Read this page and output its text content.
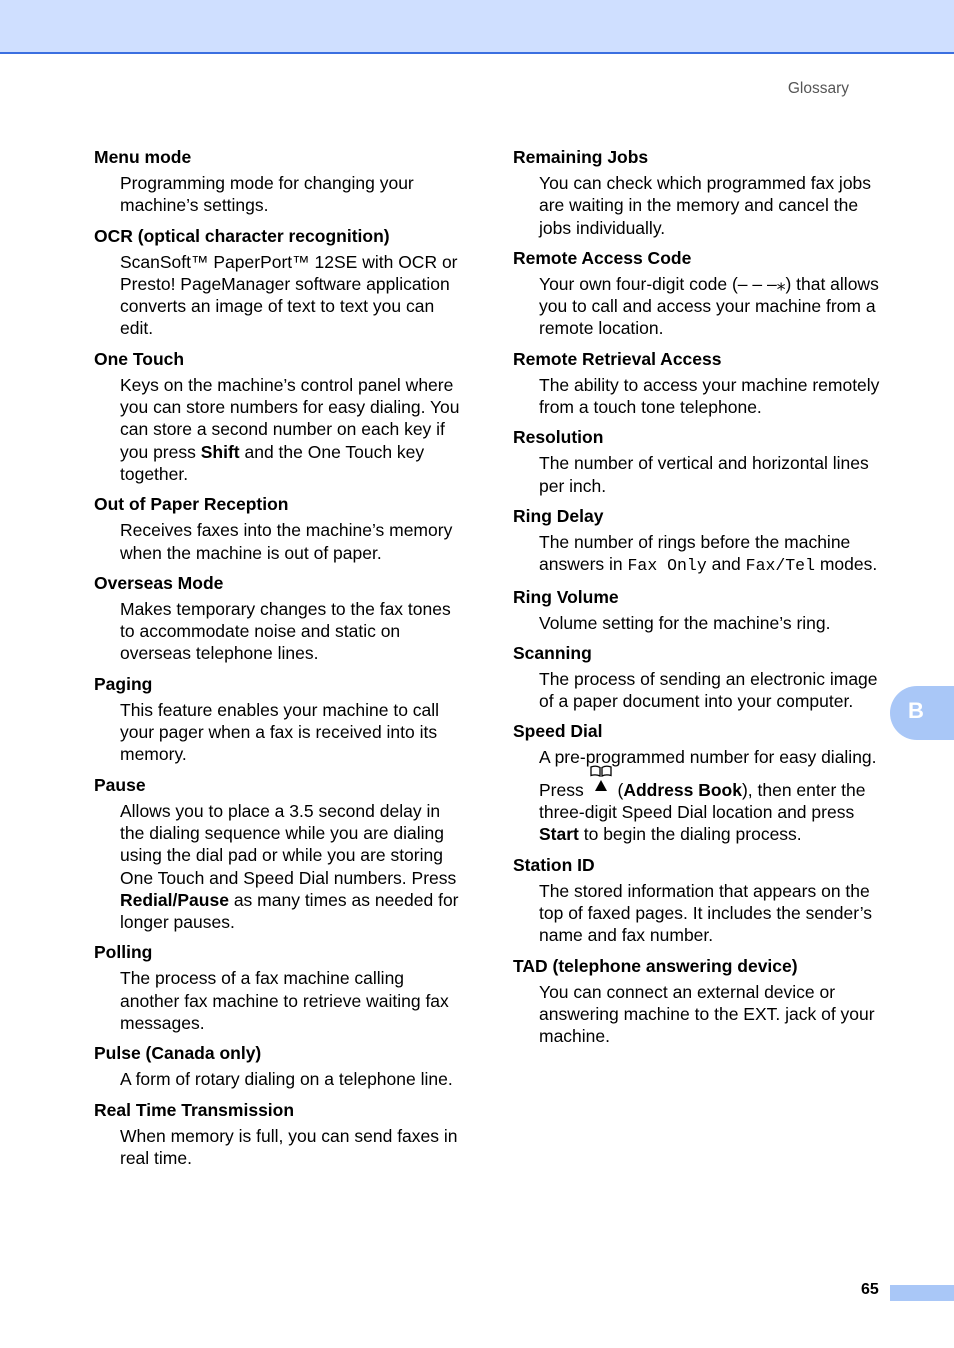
Glossary

Menu mode

Programming mode for changing your machine’s settings.

OCR (optical character recognition)

ScanSoft™ PaperPort™ 12SE with OCR or Presto! PageManager software application converts an image of text to text you can edit.

One Touch

Keys on the machine’s control panel where you can store numbers for easy dialing. You can store a second number on each key if you press Shift and the One Touch key together.

Out of Paper Reception

Receives faxes into the machine’s memory when the machine is out of paper.

Overseas Mode

Makes temporary changes to the fax tones to accommodate noise and static on overseas telephone lines.

Paging

This feature enables your machine to call your pager when a fax is received into its memory.

Pause

Allows you to place a 3.5 second delay in the dialing sequence while you are dialing using the dial pad or while you are storing One Touch and Speed Dial numbers. Press Redial/Pause as many times as needed for longer pauses.

Polling

The process of a fax machine calling another fax machine to retrieve waiting fax messages.

Pulse (Canada only)

A form of rotary dialing on a telephone line.

Real Time Transmission

When memory is full, you can send faxes in real time.

Remaining Jobs

You can check which programmed fax jobs are waiting in the memory and cancel the jobs individually.

Remote Access Code

Your own four-digit code (– – –⁎) that allows you to call and access your machine from a remote location.

Remote Retrieval Access

The ability to access your machine remotely from a touch tone telephone.

Resolution

The number of vertical and horizontal lines per inch.

Ring Delay

The number of rings before the machine answers in Fax Only and Fax/Tel modes.

Ring Volume

Volume setting for the machine’s ring.

Scanning

The process of sending an electronic image of a paper document into your computer.

Speed Dial

A pre-programmed number for easy dialing. Press
(Address Book), then enter the three-digit Speed Dial location and press Start to begin the dialing process.

Station ID

The stored information that appears on the top of faxed pages. It includes the sender’s name and fax number.

TAD (telephone answering device)

You can connect an external device or answering machine to the EXT. jack of your machine.

B
65
